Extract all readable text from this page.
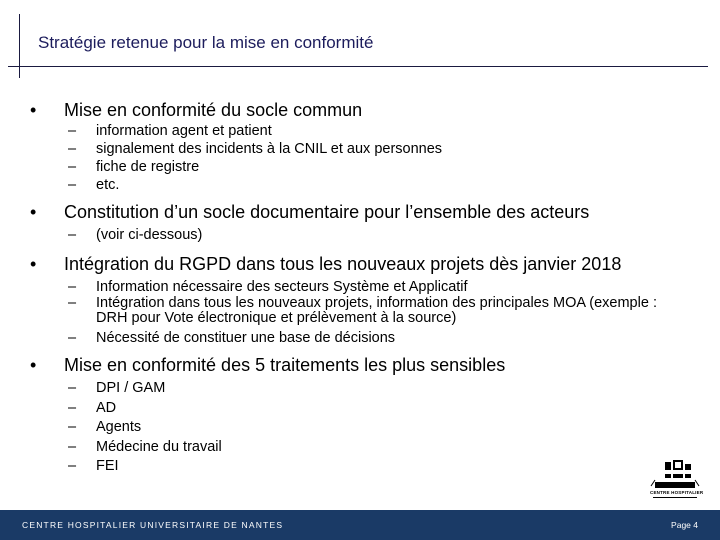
Stratégie retenue pour la mise en conformité
• Mise en conformité du socle commun
– information agent et patient
– signalement des incidents à la CNIL et aux personnes
– fiche de registre
– etc.
• Constitution d’un socle documentaire pour l’ensemble des acteurs
– (voir ci-dessous)
• Intégration du RGPD dans tous les nouveaux projets dès janvier 2018
– Information nécessaire des secteurs Système et Applicatif
– Intégration dans tous les nouveaux projets, information des principales MOA (exemple : DRH pour Vote électronique et prélèvement à la source)
– Nécessité de constituer une base de décisions
• Mise en conformité des 5 traitements les plus sensibles
– DPI / GAM
– AD
– Agents
– Médecine du travail
– FEI
CENTRE HOSPITALIER
CENTRE HOSPITALIER UNIVERSITAIRE DE NANTES	Page 4
